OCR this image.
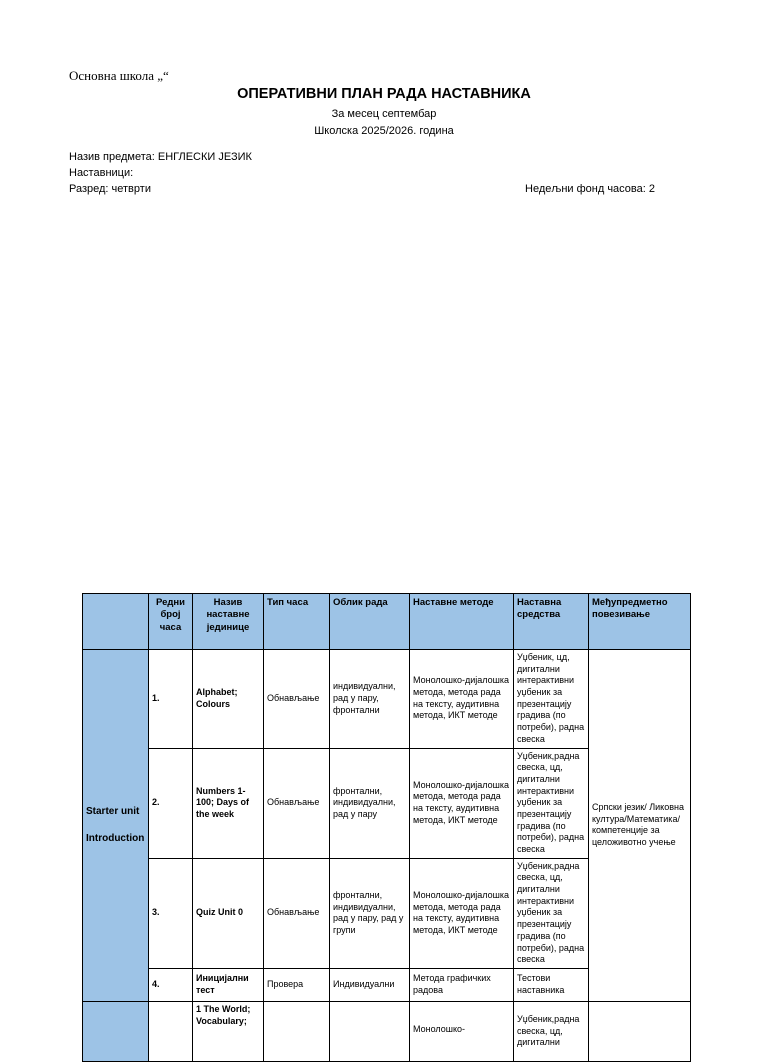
Основна школа „“
ОПЕРАТИВНИ ПЛАН РАДА НАСТАВНИКА
За месец септембар
Школска 2025/2026. година
Назив предмета: ЕНГЛЕСКИ ЈЕЗИК
Наставници:
Разред: четврти	Недељни фонд часова: 2
	Редни број часа	Назив наставне јединице	Тип часа	Облик рада	Наставне методе	Наставна средства	Међупредметно повезивање

Starter unit
Introduction	1.	Alphabet; Colours	Обнављање	индивидуални, рад у пару, фронтални	Монолошко-дијалошка метода, метода рада на тексту, аудитивна метода, ИКТ методе	Уџбеник, цд, дигитални интерактивни уџбеник за презентацију градива (по потреби), радна свеска	Српски језик/ Ликовна култура/Математика/ компетенције за целоживотно учење
	2.	Numbers 1-100; Days of the week	Обнављање	фронтални, индивидуални, рад у пару	Монолошко-дијалошка метода, метода рада на тексту, аудитивна метода, ИКТ методе	Уџбеник,радна свеска, цд, дигитални интерактивни уџбеник за презентацију градива (по потреби), радна свеска	
	3.	Quiz Unit 0	Обнављање	фронтални, индивидуални, рад у пару, рад у групи	Монолошко-дијалошка метода, метода рада на тексту, аудитивна метода, ИКТ методе	Уџбеник,радна свеска, цд, дигитални интерактивни уџбеник за презентацију градива (по потреби), радна свеска	
	4.	Иницијални тест	Провера	Индивидуални	Метода графичких радова	Тестови наставника	
		1 The World; Vocabulary;			Монолошко-	Уџбеник,радна свеска, цд, дигитални	
